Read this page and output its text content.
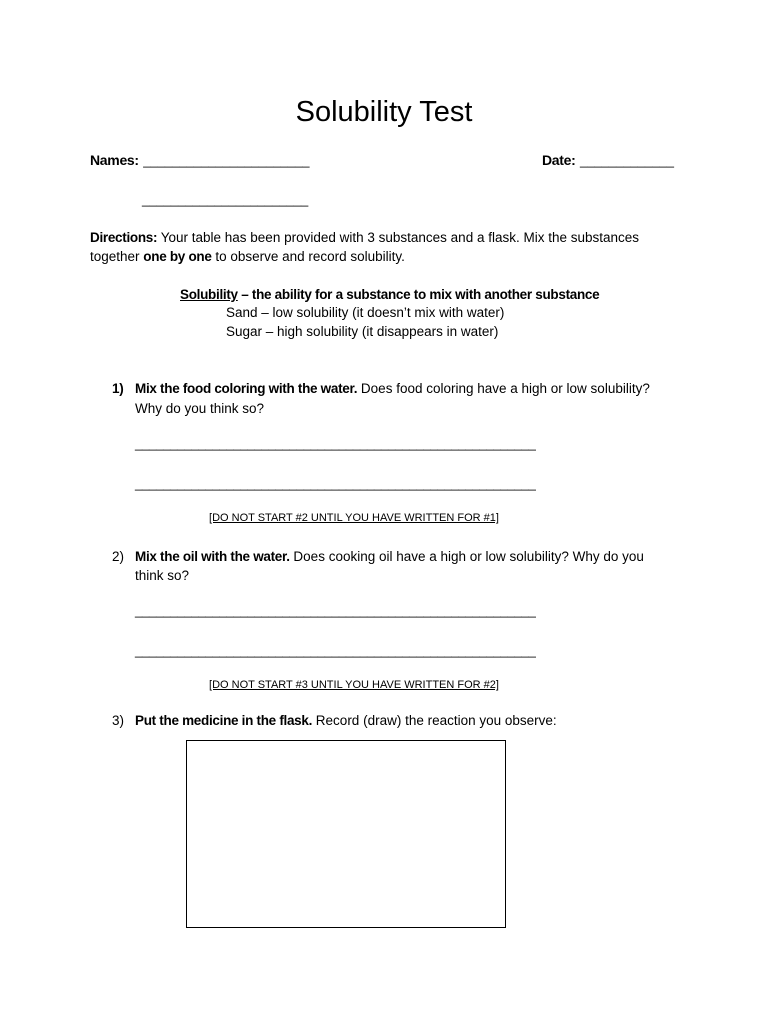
Solubility Test
Names: _______________________
_______________________
Date: _____________
Directions: Your table has been provided with 3 substances and a flask. Mix the substances
together one by one to observe and record solubility.
Solubility – the ability for a substance to mix with another substance
Sand – low solubility (it doesn’t mix with water)
Sugar – high solubility (it disappears in water)
1) Mix the food coloring with the water. Does food coloring have a high or low solubility?
Why do you think so?
_________________________________________________________
_________________________________________________________
[DO NOT START #2 UNTIL YOU HAVE WRITTEN FOR #1]
2) Mix the oil with the water. Does cooking oil have a high or low solubility? Why do you
think so?
_________________________________________________________
_________________________________________________________
[DO NOT START #3 UNTIL YOU HAVE WRITTEN FOR #2]
3) Put the medicine in the flask. Record (draw) the reaction you observe:
